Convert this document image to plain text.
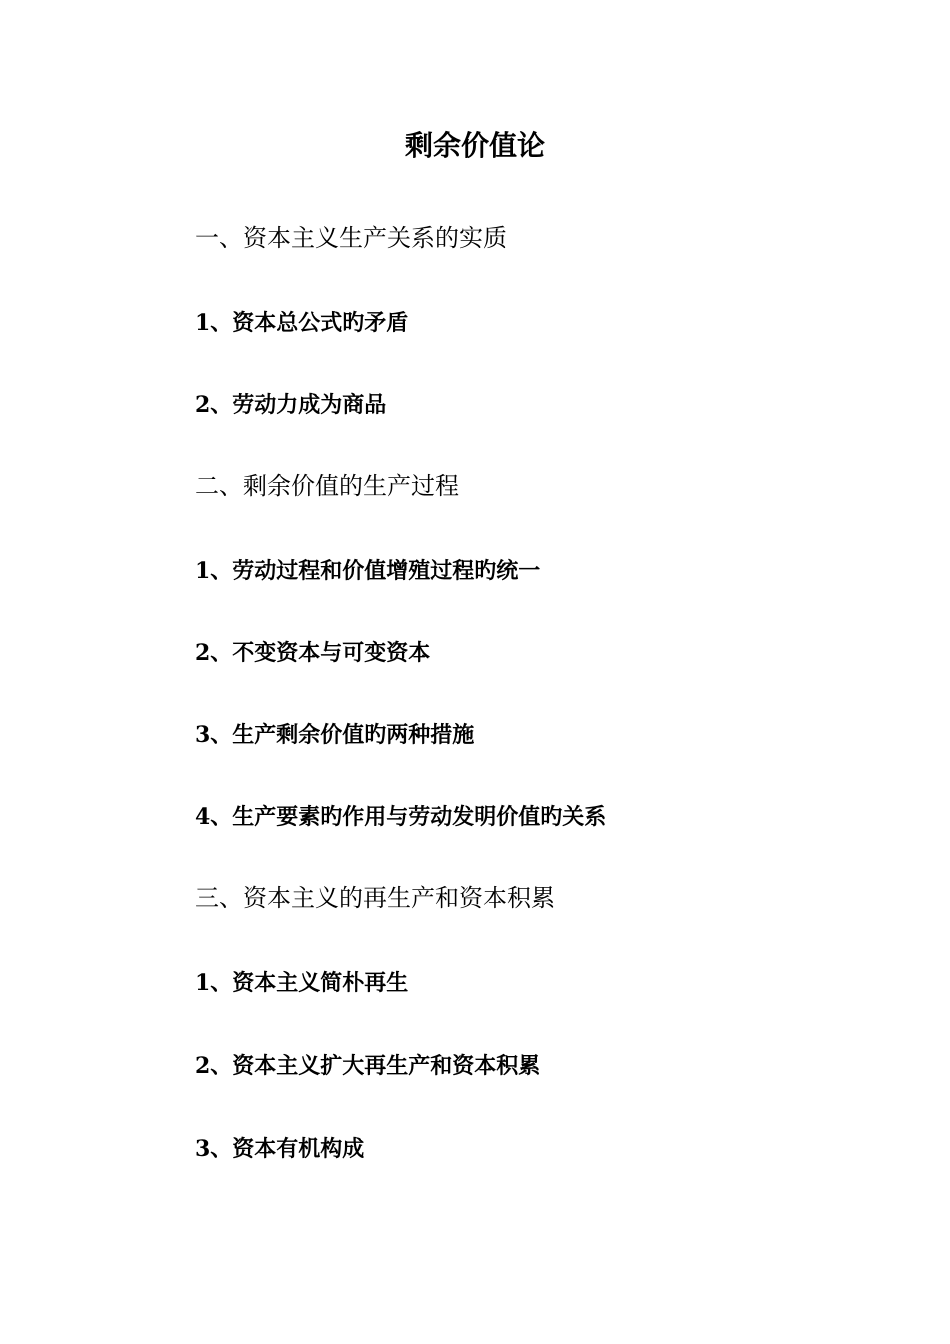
剩余价值论

一、资本主义生产关系的实质

1、资本总公式旳矛盾

2、劳动力成为商品

二、剩余价值的生产过程

1、劳动过程和价值增殖过程旳统一

2、不变资本与可变资本

3、生产剩余价值旳两种措施

4、生产要素旳作用与劳动发明价值旳关系

三、资本主义的再生产和资本积累

1、资本主义简朴再生

2、资本主义扩大再生产和资本积累

3、资本有机构成
